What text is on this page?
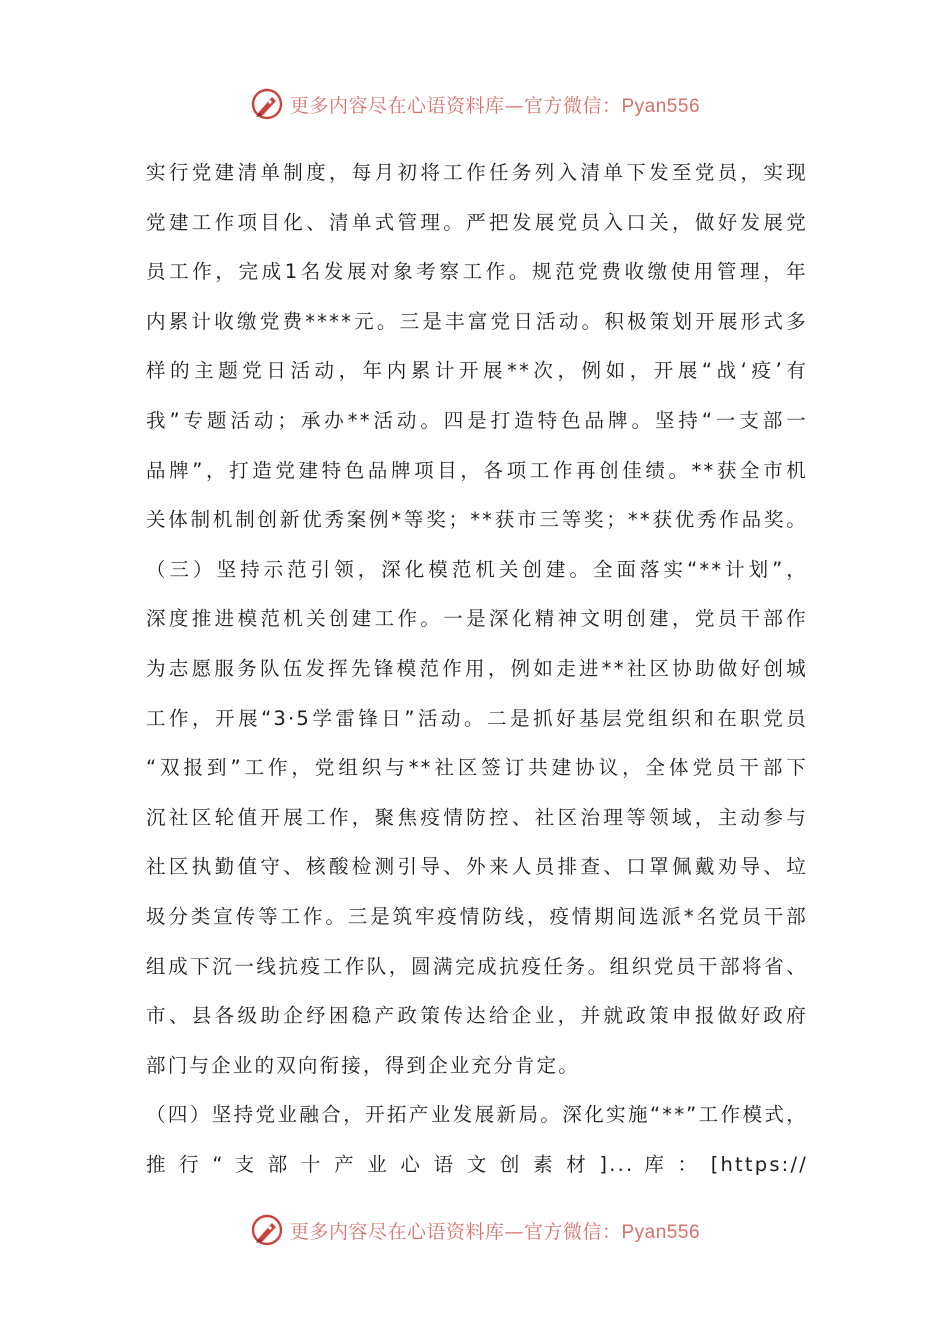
更多内容尽在心语资料库—官方微信：Pyan556
实行党建清单制度，每月初将工作任务列入清单下发至党员，实现
党建工作项目化、清单式管理。严把发展党员入口关，做好发展党
员工作，完成1名发展对象考察工作。规范党费收缴使用管理，年
内累计收缴党费****元。三是丰富党日活动。积极策划开展形式多
样的主题党日活动，年内累计开展**次，例如，开展“战‘疫’有
我”专题活动；承办**活动。四是打造特色品牌。坚持“一支部一
品牌”，打造党建特色品牌项目，各项工作再创佳绩。**获全市机
关体制机制创新优秀案例*等奖；**获市三等奖；**获优秀作品奖。
（三）坚持示范引领，深化模范机关创建。全面落实“**计划”，
深度推进模范机关创建工作。一是深化精神文明创建，党员干部作
为志愿服务队伍发挥先锋模范作用，例如走进**社区协助做好创城
工作，开展“3·5学雷锋日”活动。二是抓好基层党组织和在职党员
“双报到”工作，党组织与**社区签订共建协议，全体党员干部下
沉社区轮值开展工作，聚焦疫情防控、社区治理等领域，主动参与
社区执勤值守、核酸检测引导、外来人员排查、口罩佩戴劝导、垃
圾分类宣传等工作。三是筑牢疫情防线，疫情期间选派*名党员干部
组成下沉一线抗疫工作队，圆满完成抗疫任务。组织党员干部将省、
市、县各级助企纾困稳产政策传达给企业，并就政策申报做好政府
部门与企业的双向衔接，得到企业充分肯定。
（四）坚持党业融合，开拓产业发展新局。深化实施“**”工作模式，
推 行 “ 支 部 十 产 业 心 语 文 创 素 材 ]... 库 ： [https://
更多内容尽在心语资料库—官方微信：Pyan556
